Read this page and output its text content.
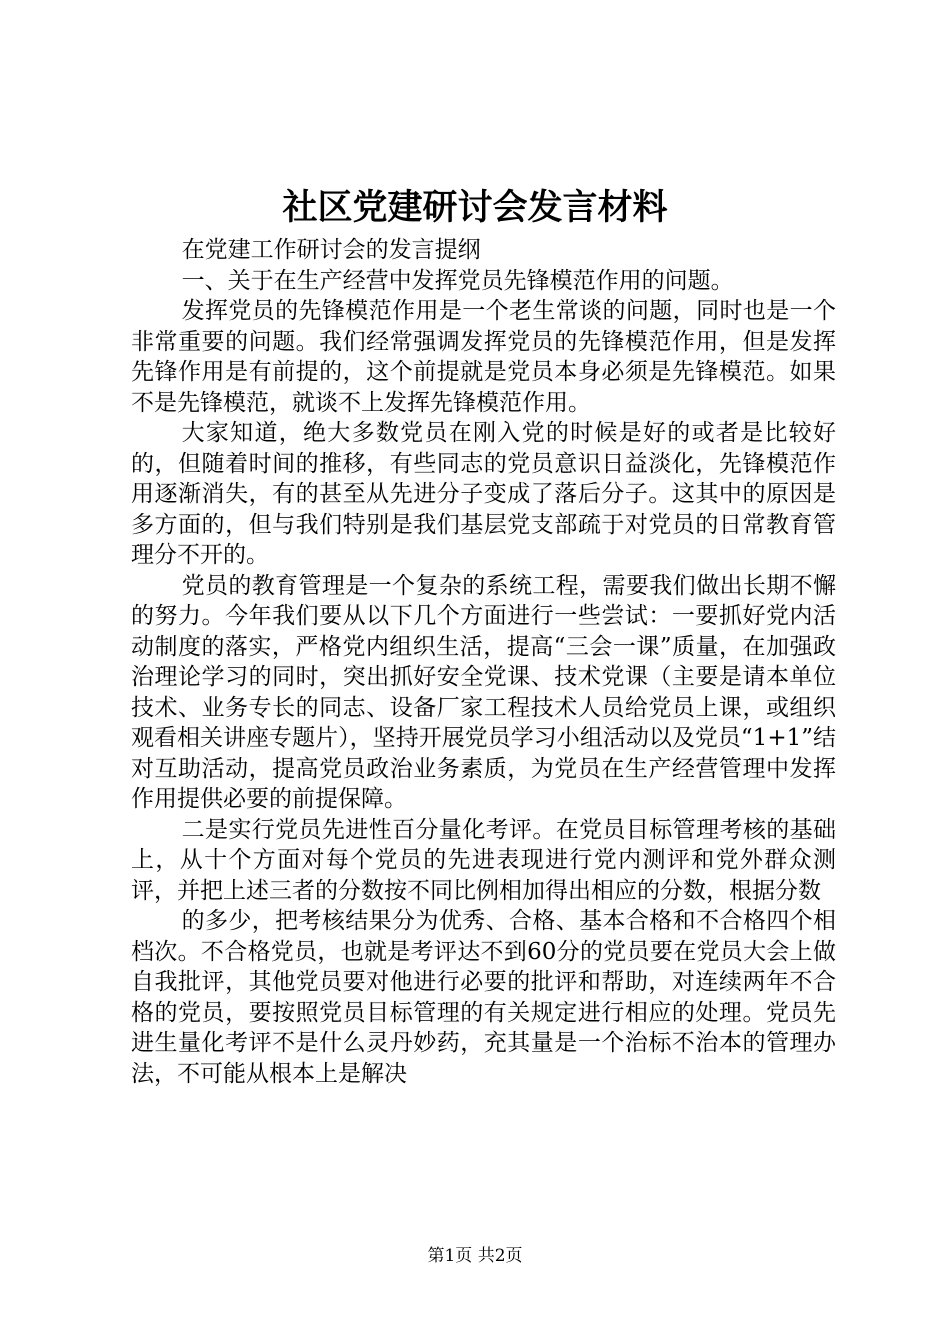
社区党建研讨会发言材料

在党建工作研讨会的发言提纲

一、关于在生产经营中发挥党员先锋模范作用的问题。

发挥党员的先锋模范作用是一个老生常谈的问题，同时也是一个非常重要的问题。我们经常强调发挥党员的先锋模范作用，但是发挥先锋作用是有前提的，这个前提就是党员本身必须是先锋模范。如果不是先锋模范，就谈不上发挥先锋模范作用。

大家知道，绝大多数党员在刚入党的时候是好的或者是比较好的，但随着时间的推移，有些同志的党员意识日益淡化，先锋模范作用逐渐消失，有的甚至从先进分子变成了落后分子。这其中的原因是多方面的，但与我们特别是我们基层党支部疏于对党员的日常教育管理分不开的。

党员的教育管理是一个复杂的系统工程，需要我们做出长期不懈的努力。今年我们要从以下几个方面进行一些尝试：一要抓好党内活动制度的落实，严格党内组织生活，提高“三会一课”质量，在加强政治理论学习的同时，突出抓好安全党课、技术党课（主要是请本单位技术、业务专长的同志、设备厂家工程技术人员给党员上课，或组织观看相关讲座专题片），坚持开展党员学习小组活动以及党员“1+1”结对互助活动，提高党员政治业务素质，为党员在生产经营管理中发挥作用提供必要的前提保障。

二是实行党员先进性百分量化考评。在党员目标管理考核的基础上，从十个方面对每个党员的先进表现进行党内测评和党外群众测评，并把上述三者的分数按不同比例相加得出相应的分数，根据分数

的多少，把考核结果分为优秀、合格、基本合格和不合格四个相档次。不合格党员，也就是考评达不到60分的党员要在党员大会上做自我批评，其他党员要对他进行必要的批评和帮助，对连续两年不合格的党员，要按照党员目标管理的有关规定进行相应的处理。党员先进生量化考评不是什么灵丹妙药，充其量是一个治标不治本的管理办法，不可能从根本上是解决

第1页 共2页
